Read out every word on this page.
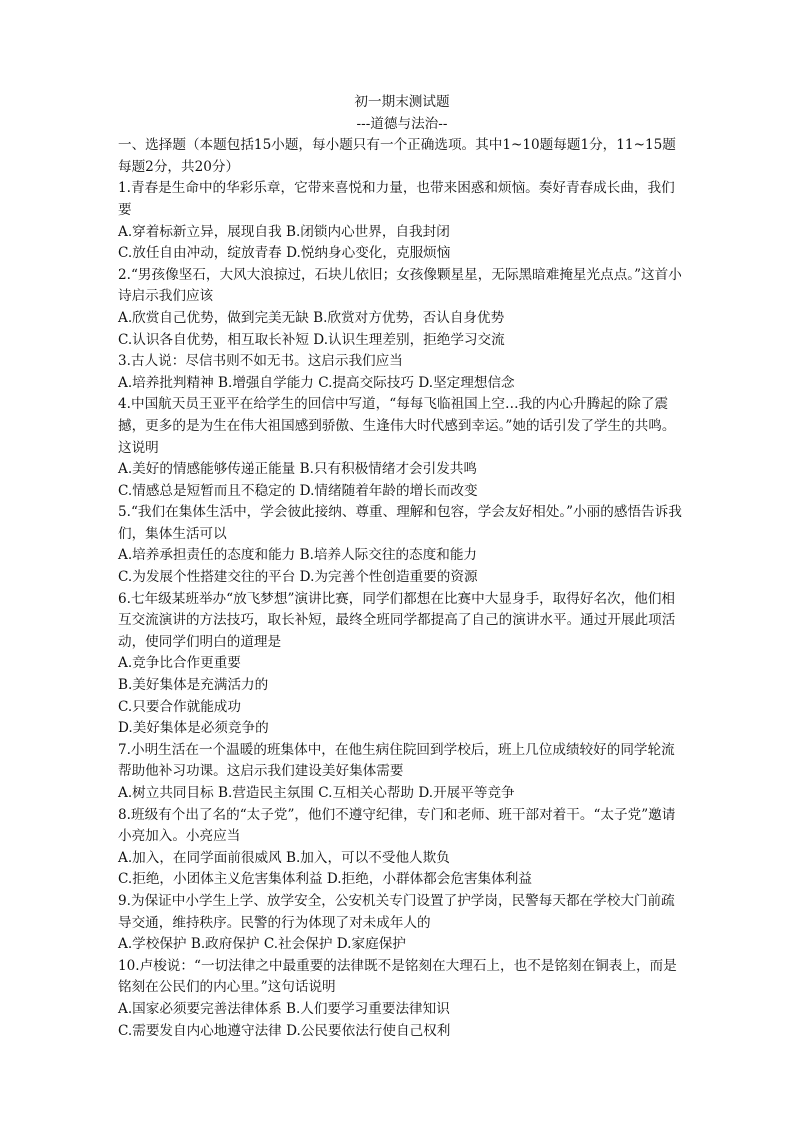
初一期末测试题

---道德与法治--

一、选择题（本题包括15小题，每小题只有一个正确选项。其中1~10题每题1分，11~15题每题2分，共20分）

1.青春是生命中的华彩乐章，它带来喜悦和力量，也带来困惑和烦恼。奏好青春成长曲，我们要

A.穿着标新立异，展现自我 B.闭锁内心世界，自我封闭

C.放任自由冲动，绽放青春 D.悦纳身心变化，克服烦恼

2.“男孩像坚石，大风大浪掠过，石块儿依旧；女孩像颗星星，无际黑暗难掩星光点点。”这首小诗启示我们应该

A.欣赏自己优势，做到完美无缺 B.欣赏对方优势，否认自身优势

C.认识各自优势，相互取长补短 D.认识生理差别，拒绝学习交流

3.古人说：尽信书则不如无书。这启示我们应当

A.培养批判精神 B.增强自学能力 C.提高交际技巧 D.坚定理想信念

4.中国航天员王亚平在给学生的回信中写道，“每每飞临祖国上空…我的内心升腾起的除了震撼，更多的是为生在伟大祖国感到骄傲、生逢伟大时代感到幸运。”她的话引发了学生的共鸣。这说明

A.美好的情感能够传递正能量 B.只有积极情绪才会引发共鸣

C.情感总是短暂而且不稳定的 D.情绪随着年龄的增长而改变

5.“我们在集体生活中，学会彼此接纳、尊重、理解和包容，学会友好相处。”小丽的感悟告诉我们，集体生活可以

A.培养承担责任的态度和能力 B.培养人际交往的态度和能力

C.为发展个性搭建交往的平台 D.为完善个性创造重要的资源

6.七年级某班举办“放飞梦想”演讲比赛，同学们都想在比赛中大显身手，取得好名次，他们相互交流演讲的方法技巧，取长补短，最终全班同学都提高了自己的演讲水平。通过开展此项活动，使同学们明白的道理是

A.竞争比合作更重要

B.美好集体是充满活力的

C.只要合作就能成功

D.美好集体是必须竞争的

7.小明生活在一个温暖的班集体中，在他生病住院回到学校后，班上几位成绩较好的同学轮流帮助他补习功课。这启示我们建设美好集体需要

A.树立共同目标 B.营造民主氛围 C.互相关心帮助 D.开展平等竞争

8.班级有个出了名的“太子党”，他们不遵守纪律，专门和老师、班干部对着干。“太子党”邀请小亮加入。小亮应当

A.加入，在同学面前很威风 B.加入，可以不受他人欺负

C.拒绝，小团体主义危害集体利益 D.拒绝，小群体都会危害集体利益

9.为保证中小学生上学、放学安全，公安机关专门设置了护学岗，民警每天都在学校大门前疏导交通，维持秩序。民警的行为体现了对未成年人的

A.学校保护 B.政府保护 C.社会保护 D.家庭保护

10.卢梭说：“一切法律之中最重要的法律既不是铭刻在大理石上，也不是铭刻在铜表上，而是铭刻在公民们的内心里。”这句话说明

A.国家必须要完善法律体系 B.人们要学习重要法律知识

C.需要发自内心地遵守法律 D.公民要依法行使自己权利
